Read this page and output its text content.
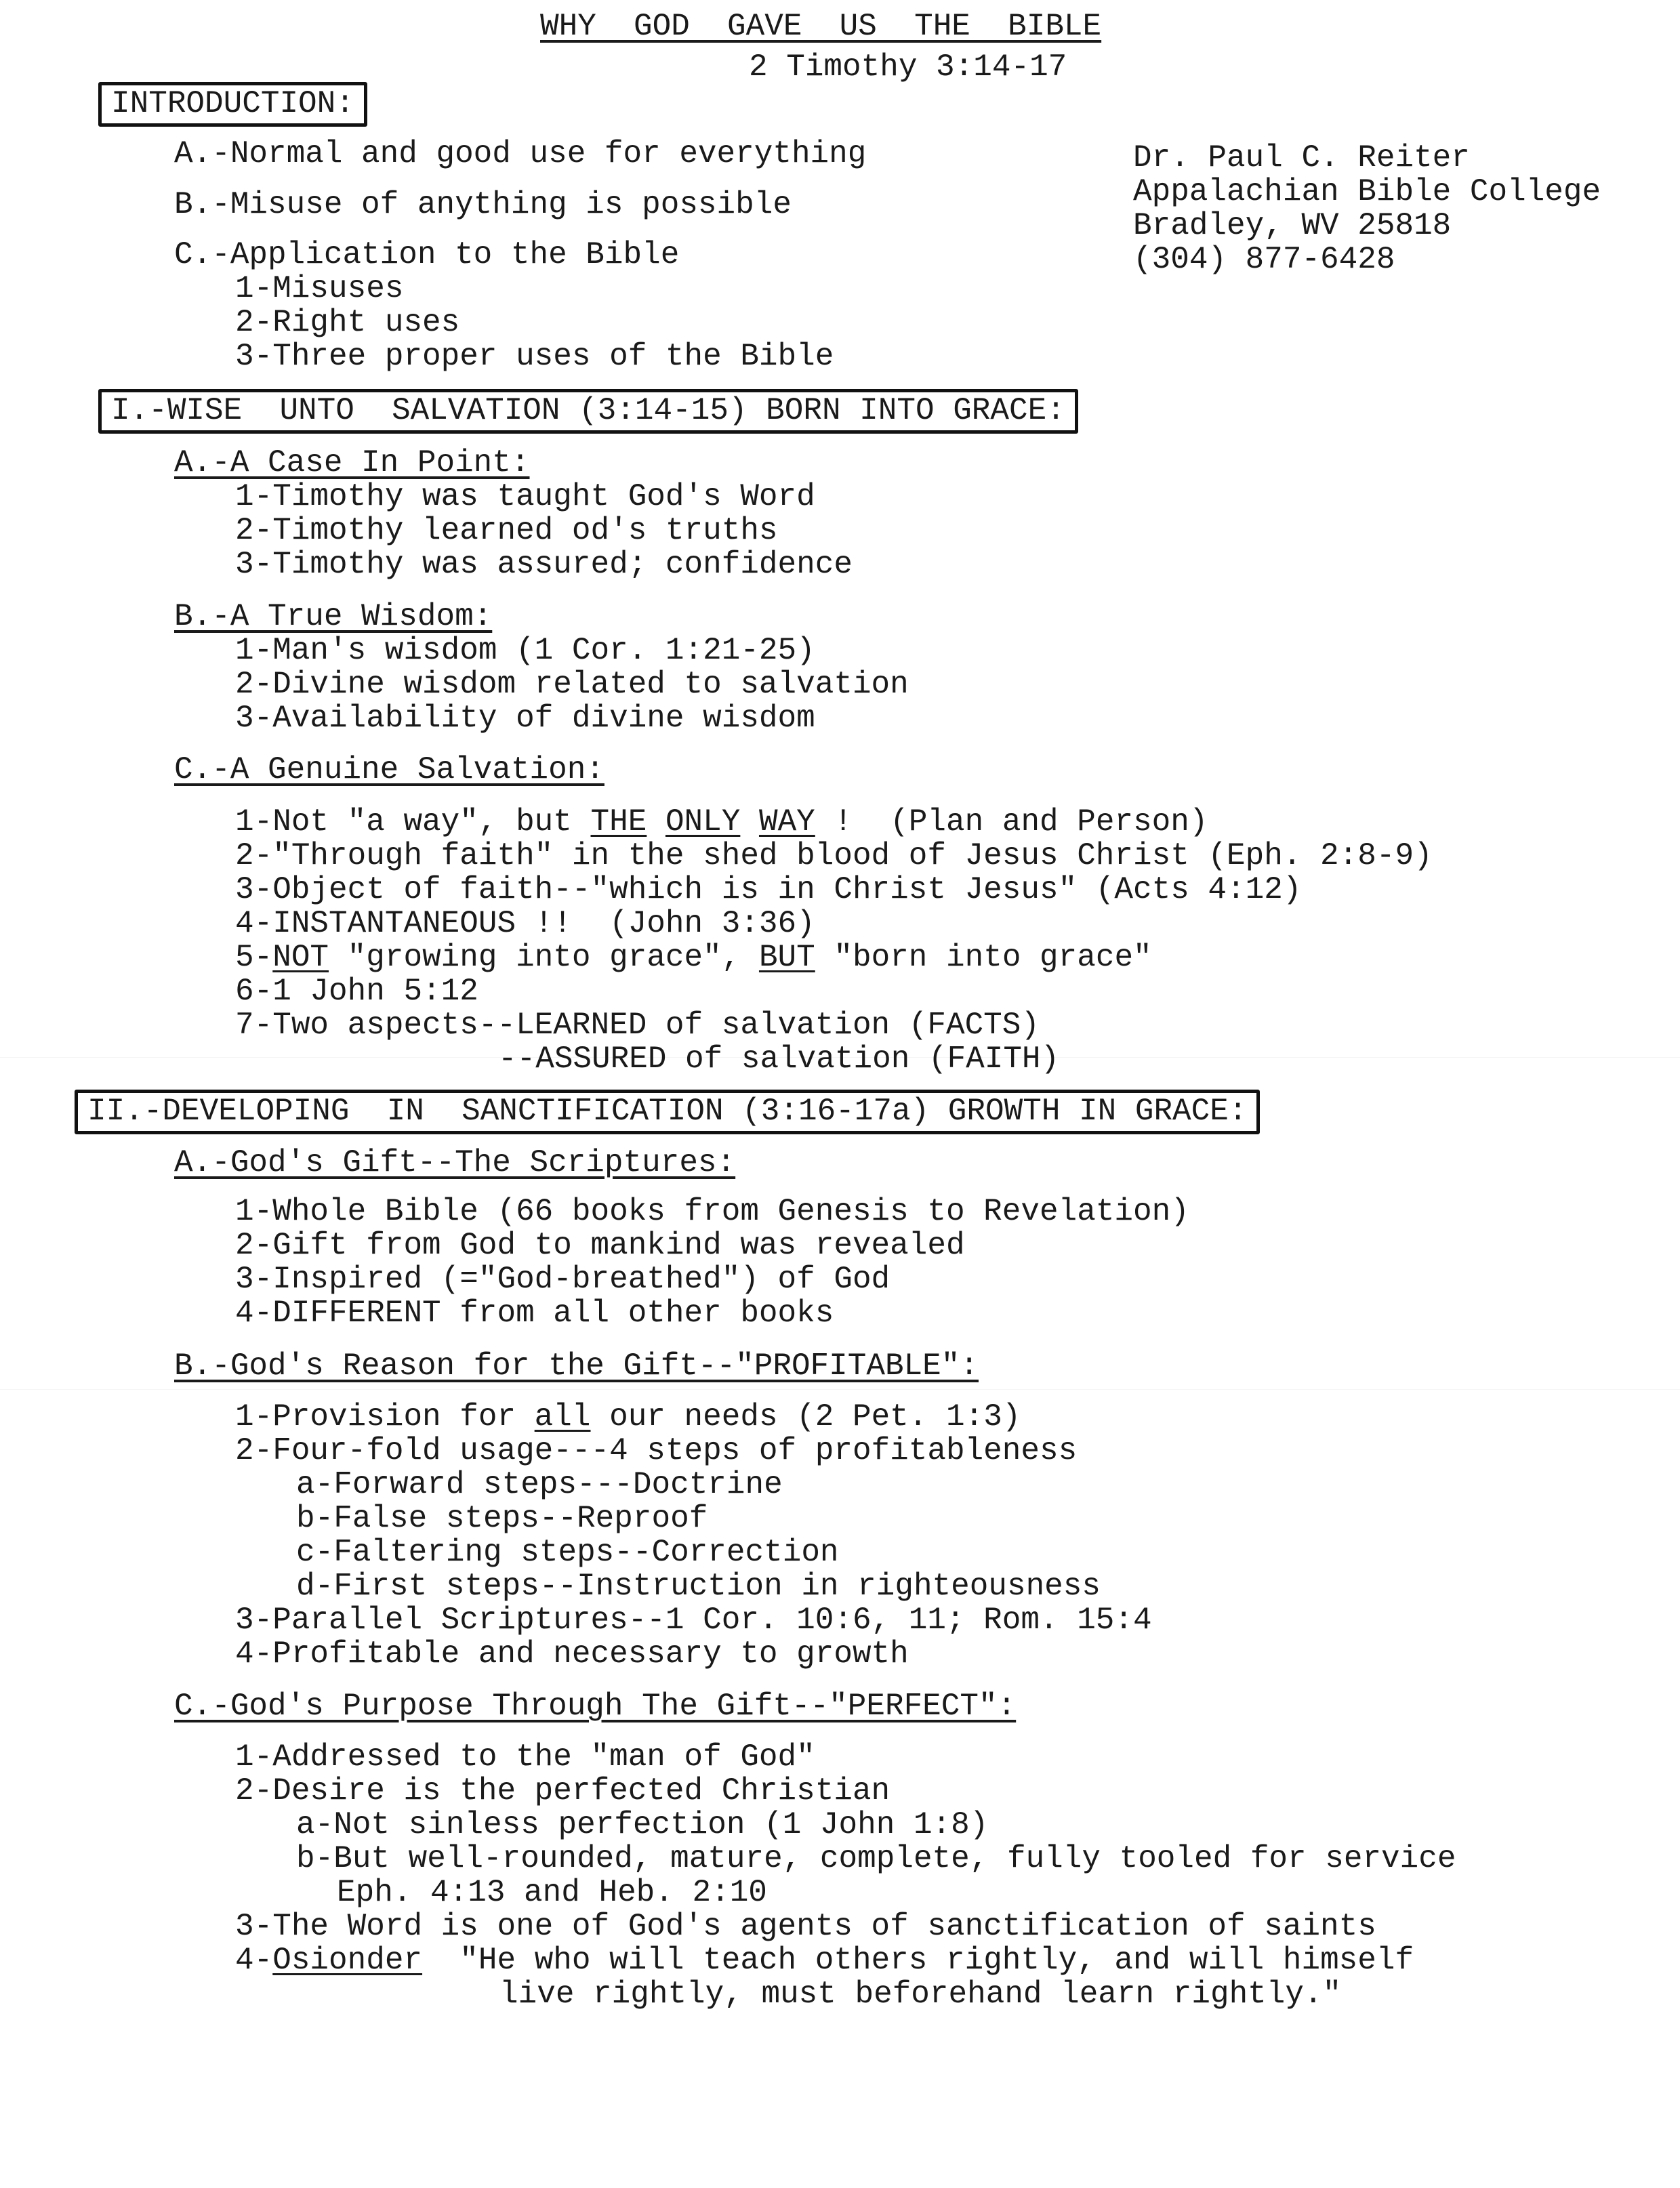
WHY  GOD  GAVE  US  THE  BIBLE
2 Timothy 3:14-17
Dr. Paul C. Reiter
Appalachian Bible College
Bradley, WV 25818
(304) 877-6428
INTRODUCTION:
A.-Normal and good use for everything
B.-Misuse of anything is possible
C.-Application to the Bible
1-Misuses
2-Right uses
3-Three proper uses of the Bible
I.-WISE  UNTO  SALVATION (3:14-15) BORN INTO GRACE:
A.-A Case In Point:
1-Timothy was taught God's Word
2-Timothy learned od's truths
3-Timothy was assured; confidence
B.-A True Wisdom:
1-Man's wisdom (1 Cor. 1:21-25)
2-Divine wisdom related to salvation
3-Availability of divine wisdom
C.-A Genuine Salvation:
1-Not "a way", but THE ONLY WAY !  (Plan and Person)
2-"Through faith" in the shed blood of Jesus Christ (Eph. 2:8-9)
3-Object of faith--"which is in Christ Jesus" (Acts 4:12)
4-INSTANTANEOUS !!  (John 3:36)
5-NOT "growing into grace", BUT "born into grace"
6-1 John 5:12
7-Two aspects--LEARNED of salvation (FACTS)
--ASSURED of salvation (FAITH)
II.-DEVELOPING  IN  SANCTIFICATION (3:16-17a) GROWTH IN GRACE:
A.-God's Gift--The Scriptures:
1-Whole Bible (66 books from Genesis to Revelation)
2-Gift from God to mankind was revealed
3-Inspired (="God-breathed") of God
4-DIFFERENT from all other books
B.-God's Reason for the Gift--"PROFITABLE":
1-Provision for all our needs (2 Pet. 1:3)
2-Four-fold usage---4 steps of profitableness
a-Forward steps---Doctrine
b-False steps--Reproof
c-Faltering steps--Correction
d-First steps--Instruction in righteousness
3-Parallel Scriptures--1 Cor. 10:6, 11; Rom. 15:4
4-Profitable and necessary to growth
C.-God's Purpose Through The Gift--"PERFECT":
1-Addressed to the "man of God"
2-Desire is the perfected Christian
a-Not sinless perfection (1 John 1:8)
b-But well-rounded, mature, complete, fully tooled for service
Eph. 4:13 and Heb. 2:10
3-The Word is one of God's agents of sanctification of saints
4-Osionder  "He who will teach others rightly, and will himself
live rightly, must beforehand learn rightly."
